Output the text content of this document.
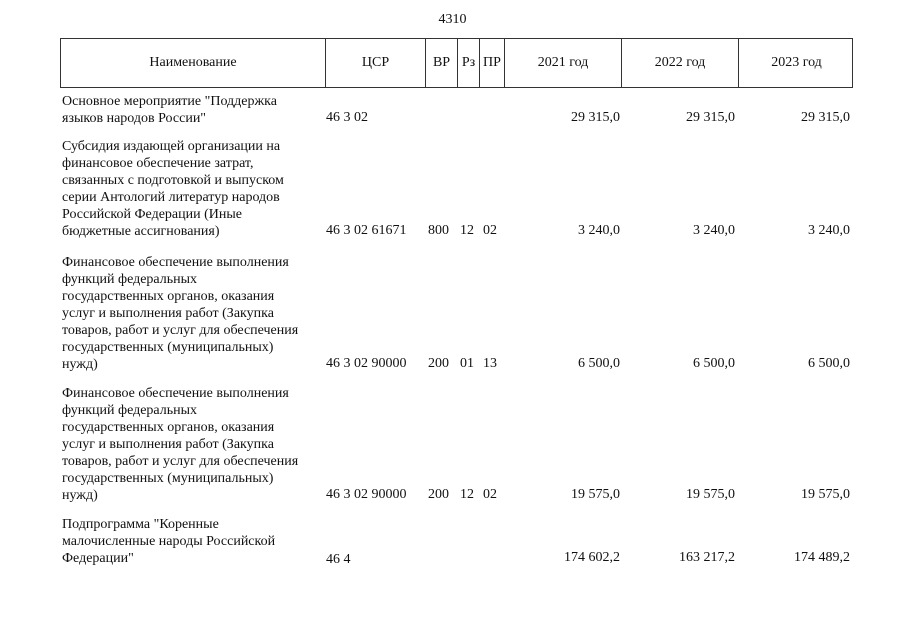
4310
Наименование	ЦСР	ВР Рз ПР	2021 год	2022 год	2023 год
Основное мероприятие "Поддержка
языков народов России"	46 3 02	29 315,0	29 315,0	29 315,0
Субсидия издающей организации на
финансовое обеспечение затрат,
связанных с подготовкой и выпуском
серии Антологий литератур народов
Российской Федерации (Иные
бюджетные ассигнования)	46 3 02 61671 800 12 02	3 240,0	3 240,0	3 240,0
Финансовое обеспечение выполнения
функций федеральных
государственных органов, оказания
услуг и выполнения работ (Закупка
товаров, работ и услуг для обеспечения
государственных (муниципальных)
нужд)	46 3 02 90000 200 01 13	6 500,0	6 500,0	6 500,0
Финансовое обеспечение выполнения
функций федеральных
государственных органов, оказания
услуг и выполнения работ (Закупка
товаров, работ и услуг для обеспечения
государственных (муниципальных)
нужд)	46 3 02 90000 200 12 02	19 575,0	19 575,0	19 575,0
Подпрограмма "Коренные
малочисленные народы Российской
Федерации"	46 4	174 602,2	163 217,2	174 489,2
